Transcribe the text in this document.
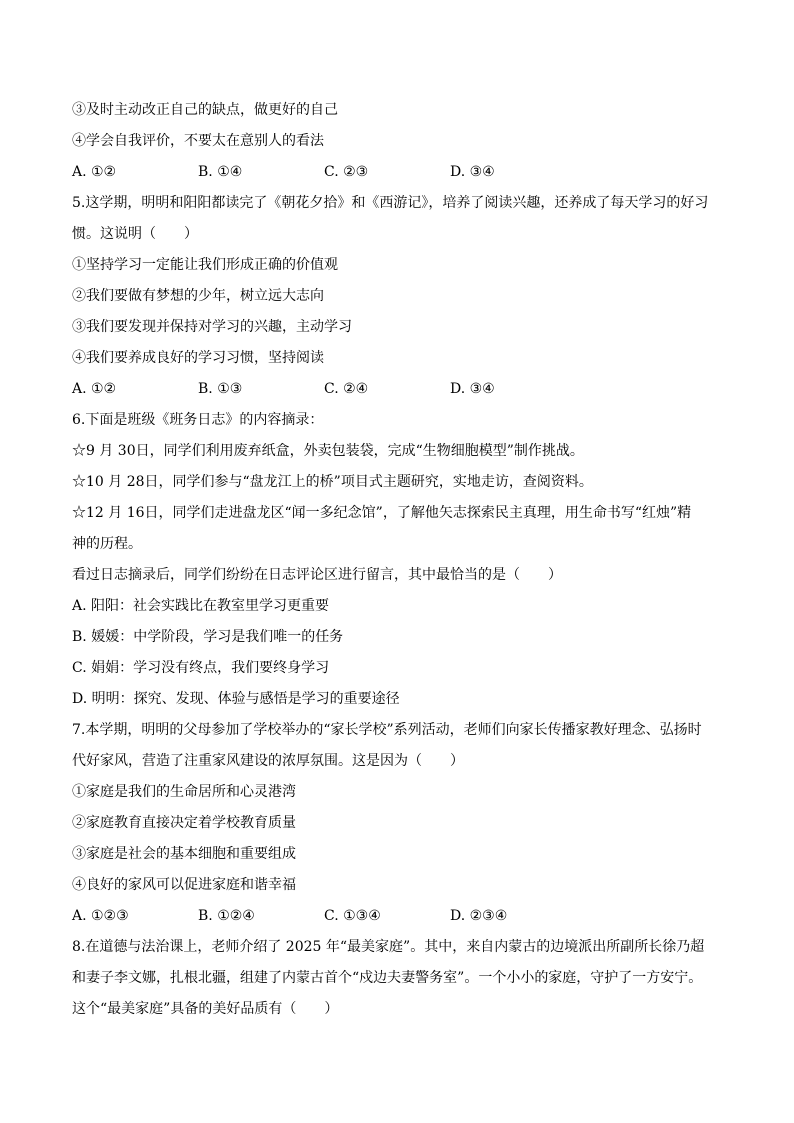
③及时主动改正自己的缺点，做更好的自己
④学会自我评价，不要太在意别人的看法
A. ①②	B. ①④	C. ②③	D. ③④
5.这学期，明明和阳阳都读完了《朝花夕拾》和《西游记》，培养了阅读兴趣，还养成了每天学习的好习
惯。这说明（　　）
①坚持学习一定能让我们形成正确的价值观
②我们要做有梦想的少年，树立远大志向
③我们要发现并保持对学习的兴趣，主动学习
④我们要养成良好的学习习惯，坚持阅读
A. ①②	B. ①③	C. ②④	D. ③④
6.下面是班级《班务日志》的内容摘录：
☆9 月 30日，同学们利用废弃纸盒，外卖包装袋，完成“生物细胞模型”制作挑战。
☆10 月 28日，同学们参与“盘龙江上的桥”项目式主题研究，实地走访，查阅资料。
☆12 月 16日，同学们走进盘龙区“闻一多纪念馆”，了解他矢志探索民主真理，用生命书写“红烛”精
神的历程。
看过日志摘录后，同学们纷纷在日志评论区进行留言，其中最恰当的是（　　）
A. 阳阳：社会实践比在教室里学习更重要
B. 媛媛：中学阶段，学习是我们唯一的任务
C. 娟娟：学习没有终点，我们要终身学习
D. 明明：探究、发现、体验与感悟是学习的重要途径
7.本学期，明明的父母参加了学校举办的“家长学校”系列活动，老师们向家长传播家教好理念、弘扬时
代好家风，营造了注重家风建设的浓厚氛围。这是因为（　　）
①家庭是我们的生命居所和心灵港湾
②家庭教育直接决定着学校教育质量
③家庭是社会的基本细胞和重要组成
④良好的家风可以促进家庭和谐幸福
A. ①②③	B. ①②④	C. ①③④	D. ②③④
8.在道德与法治课上，老师介绍了 2025 年“最美家庭”。其中，来自内蒙古的边境派出所副所长徐乃超
和妻子李文娜，扎根北疆，组建了内蒙古首个“戍边夫妻警务室”。一个小小的家庭，守护了一方安宁。
这个“最美家庭”具备的美好品质有（　　）
